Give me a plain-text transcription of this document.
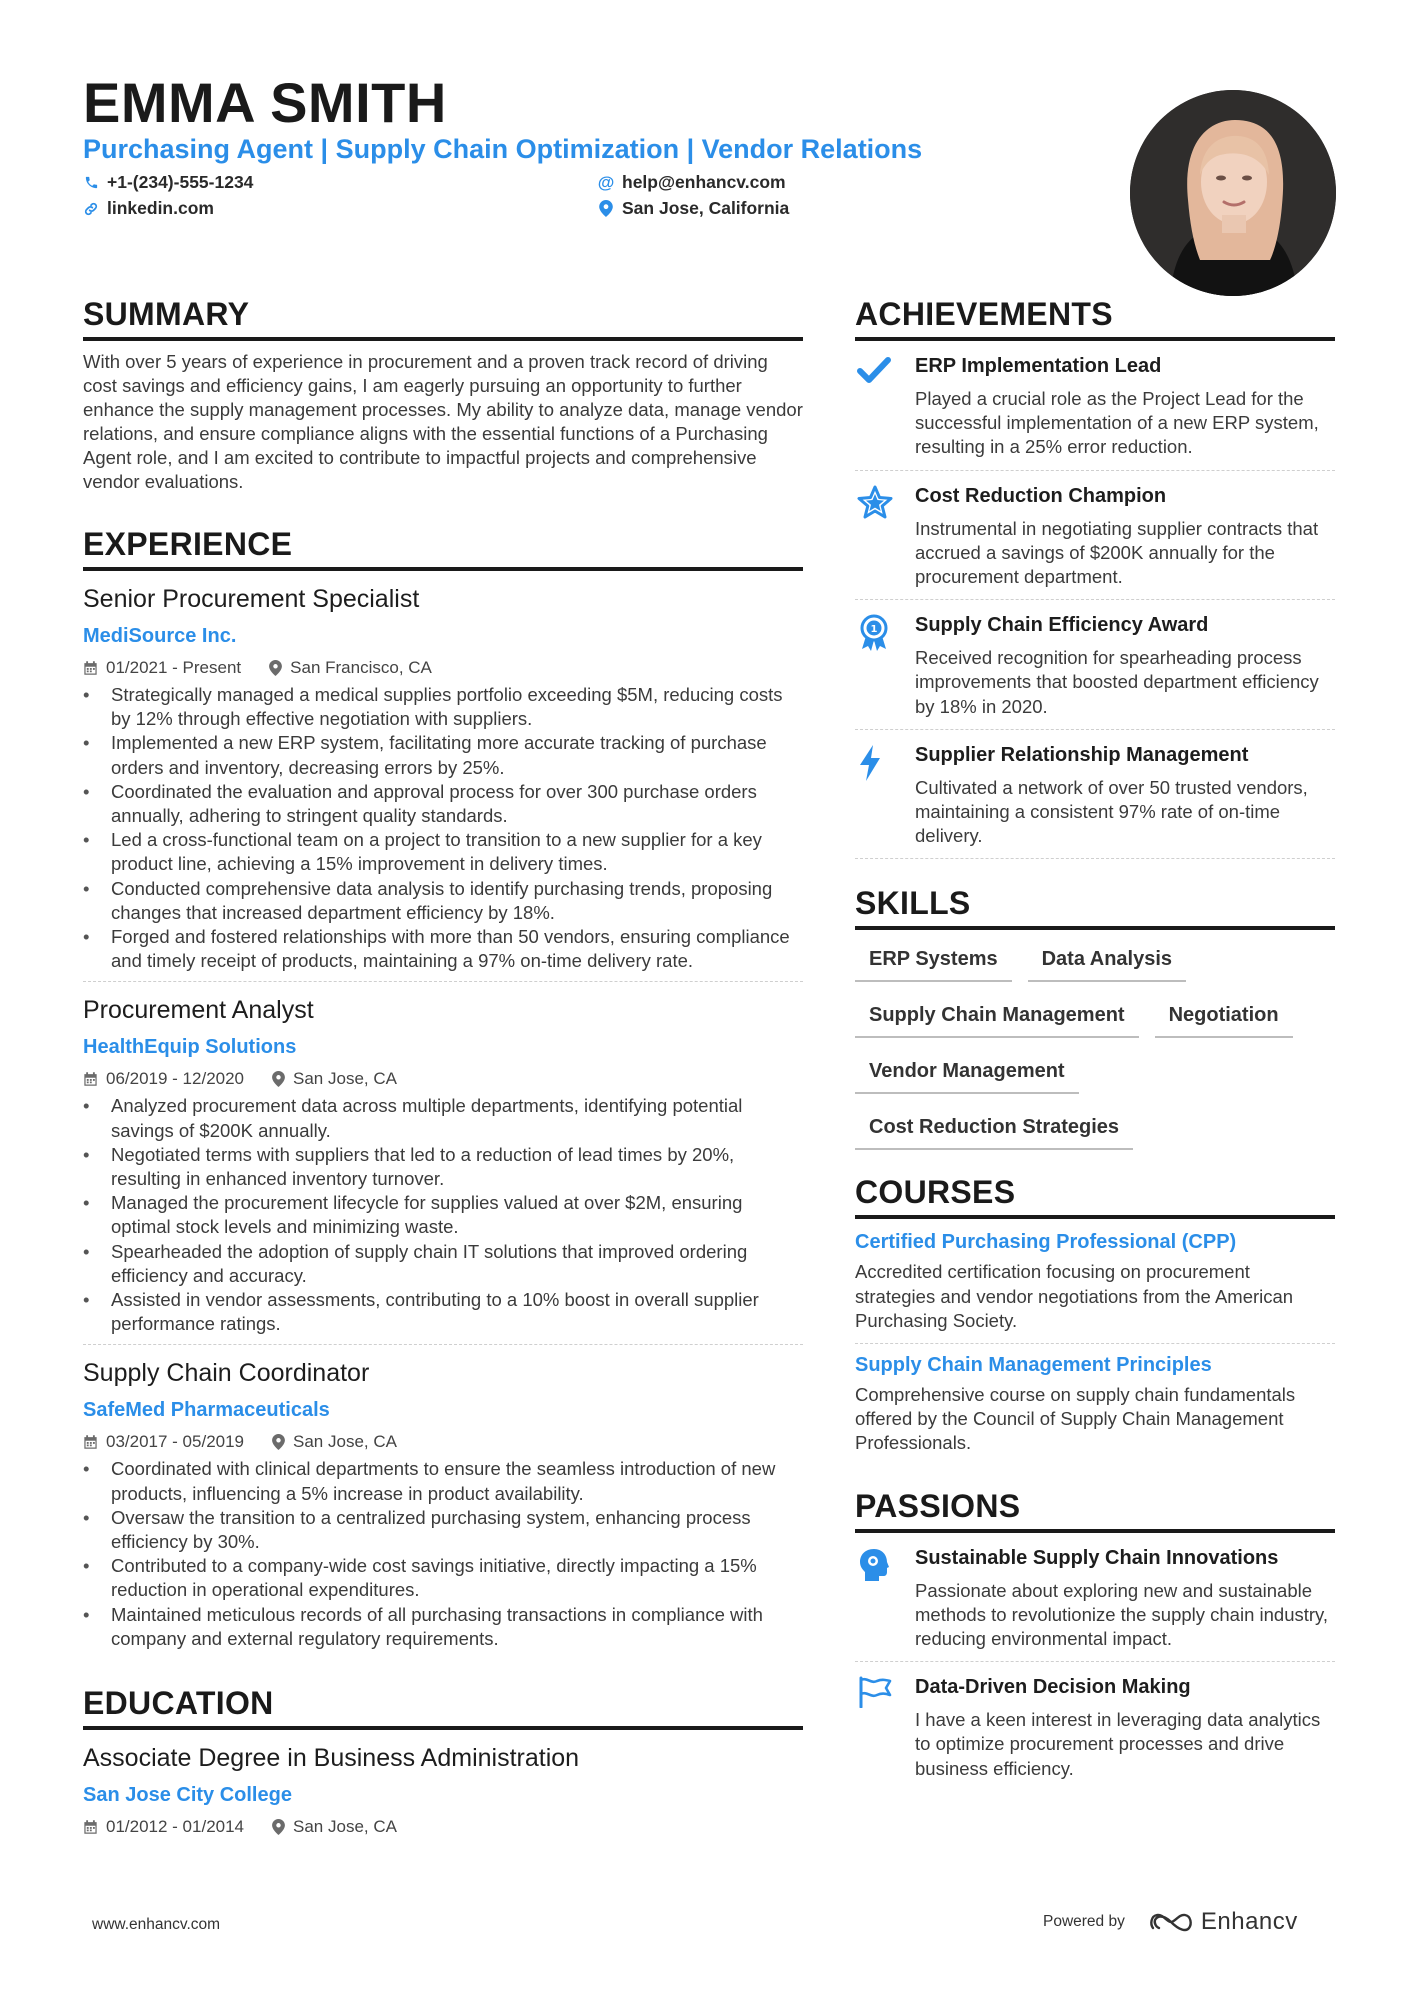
EMMA SMITH
Purchasing Agent | Supply Chain Optimization | Vendor Relations
+1-(234)-555-1234
linkedin.com
@ help@enhancv.com
San Jose, California
SUMMARY
With over 5 years of experience in procurement and a proven track record of driving cost savings and efficiency gains, I am eagerly pursuing an opportunity to further enhance the supply management processes. My ability to analyze data, manage vendor relations, and ensure compliance aligns with the essential functions of a Purchasing Agent role, and I am excited to contribute to impactful projects and comprehensive vendor evaluations.
EXPERIENCE
Senior Procurement Specialist
MediSource Inc.
01/2021 - Present	San Francisco, CA
• Strategically managed a medical supplies portfolio exceeding $5M, reducing costs by 12% through effective negotiation with suppliers.
• Implemented a new ERP system, facilitating more accurate tracking of purchase orders and inventory, decreasing errors by 25%.
• Coordinated the evaluation and approval process for over 300 purchase orders annually, adhering to stringent quality standards.
• Led a cross-functional team on a project to transition to a new supplier for a key product line, achieving a 15% improvement in delivery times.
• Conducted comprehensive data analysis to identify purchasing trends, proposing changes that increased department efficiency by 18%.
• Forged and fostered relationships with more than 50 vendors, ensuring compliance and timely receipt of products, maintaining a 97% on-time delivery rate.
Procurement Analyst
HealthEquip Solutions
06/2019 - 12/2020	San Jose, CA
• Analyzed procurement data across multiple departments, identifying potential savings of $200K annually.
• Negotiated terms with suppliers that led to a reduction of lead times by 20%, resulting in enhanced inventory turnover.
• Managed the procurement lifecycle for supplies valued at over $2M, ensuring optimal stock levels and minimizing waste.
• Spearheaded the adoption of supply chain IT solutions that improved ordering efficiency and accuracy.
• Assisted in vendor assessments, contributing to a 10% boost in overall supplier performance ratings.
Supply Chain Coordinator
SafeMed Pharmaceuticals
03/2017 - 05/2019	San Jose, CA
• Coordinated with clinical departments to ensure the seamless introduction of new products, influencing a 5% increase in product availability.
• Oversaw the transition to a centralized purchasing system, enhancing process efficiency by 30%.
• Contributed to a company-wide cost savings initiative, directly impacting a 15% reduction in operational expenditures.
• Maintained meticulous records of all purchasing transactions in compliance with company and external regulatory requirements.
EDUCATION
Associate Degree in Business Administration
San Jose City College
01/2012 - 01/2014	San Jose, CA
ACHIEVEMENTS
ERP Implementation Lead
Played a crucial role as the Project Lead for the successful implementation of a new ERP system, resulting in a 25% error reduction.
Cost Reduction Champion
Instrumental in negotiating supplier contracts that accrued a savings of $200K annually for the procurement department.
1 Supply Chain Efficiency Award
Received recognition for spearheading process improvements that boosted department efficiency by 18% in 2020.
Supplier Relationship Management
Cultivated a network of over 50 trusted vendors, maintaining a consistent 97% rate of on-time delivery.
SKILLS
ERP Systems	Data Analysis
Supply Chain Management	Negotiation
Vendor Management
Cost Reduction Strategies
COURSES
Certified Purchasing Professional (CPP)
Accredited certification focusing on procurement strategies and vendor negotiations from the American Purchasing Society.
Supply Chain Management Principles
Comprehensive course on supply chain fundamentals offered by the Council of Supply Chain Management Professionals.
PASSIONS
Sustainable Supply Chain Innovations
Passionate about exploring new and sustainable methods to revolutionize the supply chain industry, reducing environmental impact.
Data-Driven Decision Making
I have a keen interest in leveraging data analytics to optimize procurement processes and drive business efficiency.
www.enhancv.com	Powered by	Enhancv
